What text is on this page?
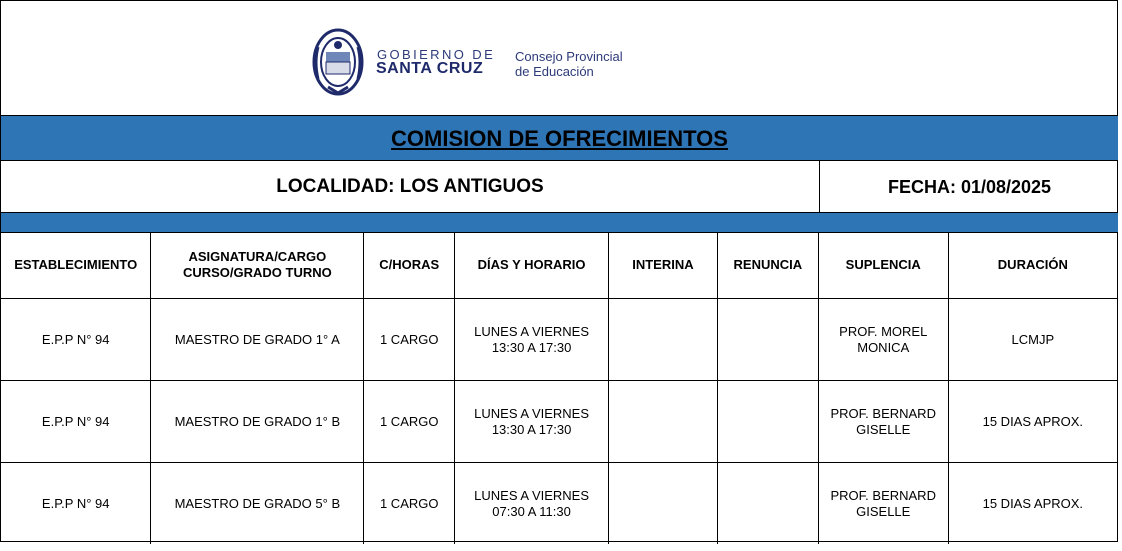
GOBIERNO DE
SANTA CRUZ
Consejo Provincial
de Educación
COMISION DE OFRECIMIENTOS
LOCALIDAD: LOS ANTIGUOS	FECHA: 01/08/2025
ESTABLECIMIENTO	ASIGNATURA/CARGO
CURSO/GRADO TURNO	C/HORAS	DÍAS Y HORARIO	INTERINA	RENUNCIA	SUPLENCIA	DURACIÓN

E.P.P N° 94	MAESTRO DE GRADO 1° A	1 CARGO	LUNES A VIERNES
13:30 A 17:30			PROF. MOREL
MONICA	LCMJP
E.P.P N° 94	MAESTRO DE GRADO 1° B	1 CARGO	LUNES A VIERNES
13:30 A 17:30			PROF. BERNARD
GISELLE	15 DIAS APROX.
E.P.P N° 94	MAESTRO DE GRADO 5° B	1 CARGO	LUNES A VIERNES
07:30 A 11:30			PROF. BERNARD
GISELLE	15 DIAS APROX.
